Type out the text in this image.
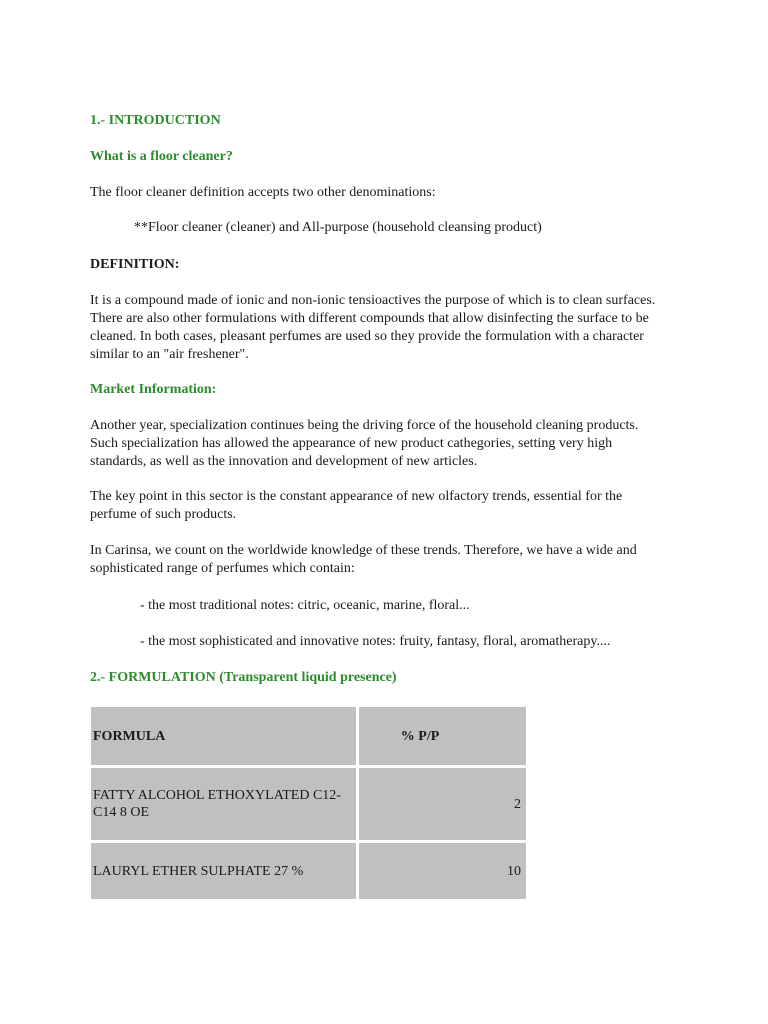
1.- INTRODUCTION

What is a floor cleaner?

The floor cleaner definition accepts two other denominations:

**Floor cleaner (cleaner) and All-purpose (household cleansing product)

DEFINITION:

It is a compound made of ionic and non-ionic tensioactives the purpose of which is to clean surfaces. There are also other formulations with different compounds that allow disinfecting the surface to be cleaned. In both cases, pleasant perfumes are used so they provide the formulation with a character similar to an "air freshener".

Market Information:

Another year, specialization continues being the driving force of the household cleaning products. Such specialization has allowed the appearance of new product cathegories, setting very high standards, as well as the innovation and development of new articles.

The key point in this sector is the constant appearance of new olfactory trends, essential for the perfume of such products.

In Carinsa, we count on the worldwide knowledge of these trends. Therefore, we have a wide and sophisticated range of perfumes which contain:

- the most traditional notes: citric, oceanic, marine, floral...

- the most sophisticated and innovative notes: fruity, fantasy, floral, aromatherapy....

2.- FORMULATION (Transparent liquid presence)

FORMULA	% P/P
FATTY ALCOHOL ETHOXYLATED C12-C14 8 OE	2
LAURYL ETHER SULPHATE 27 %	10
